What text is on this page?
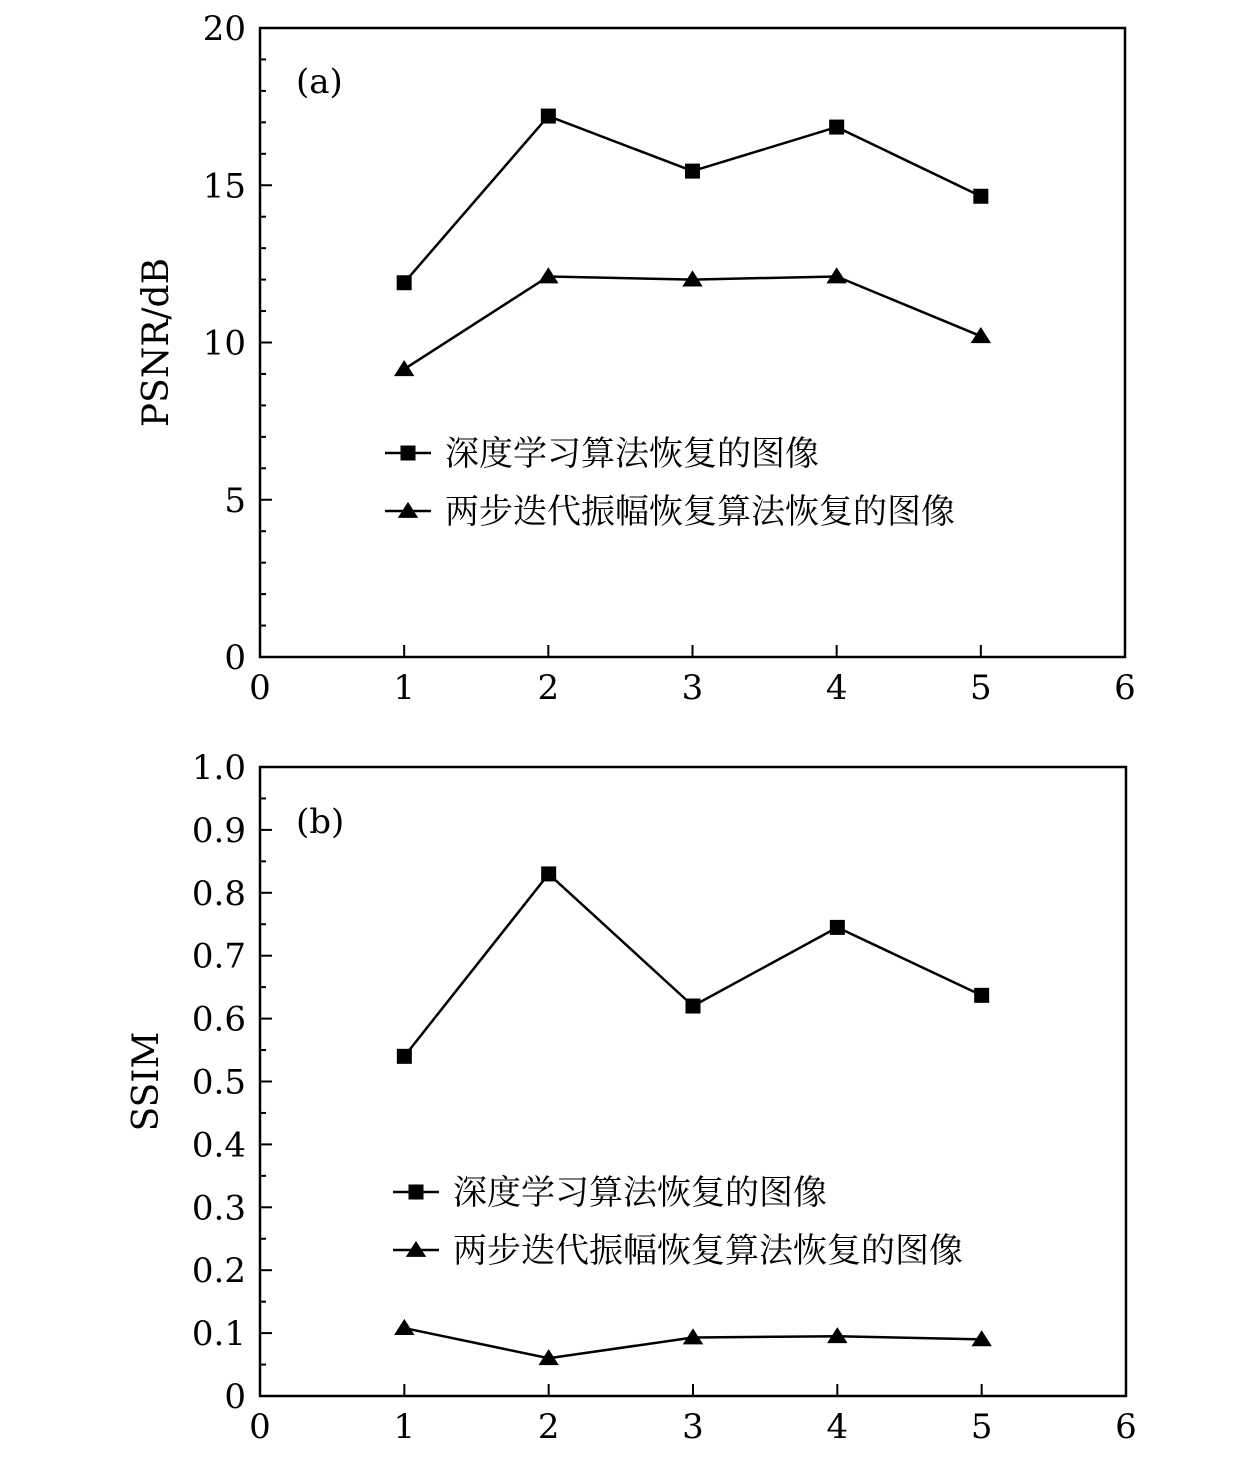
0
5
10
15
20
0	1	2	3	4	5	6
PSNR/dB
(a)
深度学习算法恢复的图像
两步迭代振幅恢复算法恢复的图像
0
0.1
0.2
0.3
0.4
0.5
0.6
0.7
0.8
0.9
1.0
0	1	2	3	4	5	6
SSIM
(b)
深度学习算法恢复的图像
两步迭代振幅恢复算法恢复的图像
